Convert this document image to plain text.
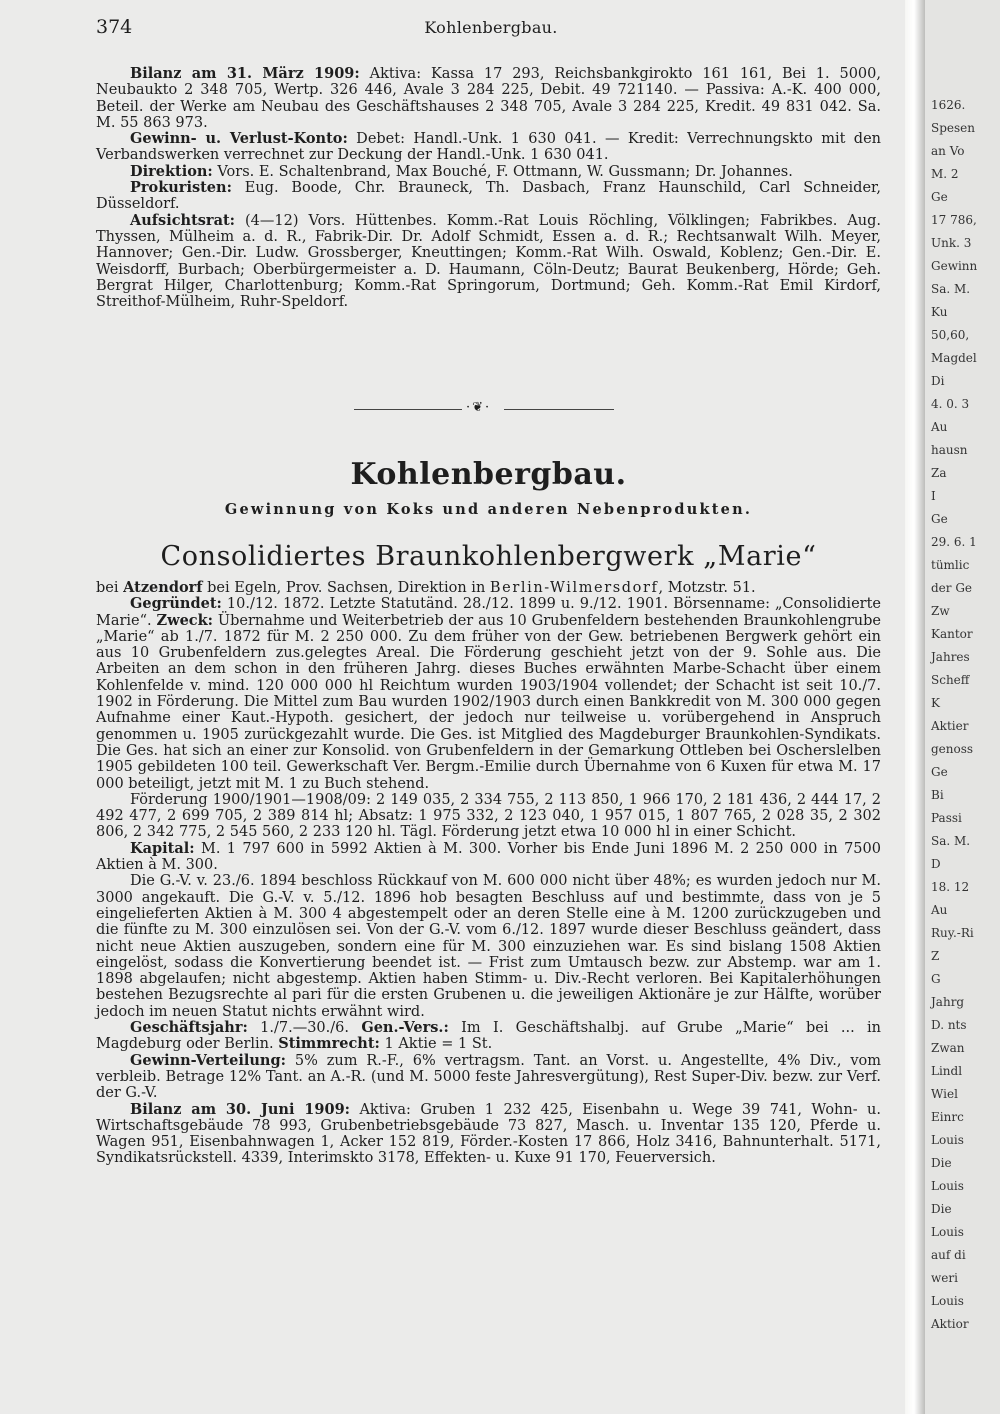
374	Kohlenbergbau.

Bilanz am 31. März 1909: Aktiva: Kassa 17 293, Reichsbankgirokto 161 161, Bei 1. 5000, Neubaukto 2 348 705, Wertp. 326 446, Avale 3 284 225, Debit. 49 721140. — Passiva: A.-K. 400 000, Beteil. der Werke am Neubau des Geschäftshauses 2 348 705, Avale 3 284 225, Kredit. 49 831 042. Sa. M. 55 863 973.

Gewinn- u. Verlust-Konto: Debet: Handl.-Unk. 1 630 041. — Kredit: Verrechnungskto mit den Verbandswerken verrechnet zur Deckung der Handl.-Unk. 1 630 041.

Direktion: Vors. E. Schaltenbrand, Max Bouché, F. Ottmann, W. Gussmann; Dr. Johannes.

Prokuristen: Eug. Boode, Chr. Brauneck, Th. Dasbach, Franz Haunschild, Carl Schneider, Düsseldorf.

Aufsichtsrat: (4—12) Vors. Hüttenbes. Komm.-Rat Louis Röchling, Völklingen; Fabrikbes. Aug. Thyssen, Mülheim a. d. R., Fabrik-Dir. Dr. Adolf Schmidt, Essen a. d. R.; Rechtsanwalt Wilh. Meyer, Hannover; Gen.-Dir. Ludw. Grossberger, Kneuttingen; Komm.-Rat Wilh. Oswald, Koblenz; Gen.-Dir. E. Weisdorff, Burbach; Oberbürgermeister a. D. Haumann, Cöln-Deutz; Baurat Beukenberg, Hörde; Geh. Bergrat Hilger, Charlottenburg; Komm.-Rat Springorum, Dortmund; Geh. Komm.-Rat Emil Kirdorf, Streithof-Mülheim, Ruhr-Speldorf.

·❦·
Kohlenbergbau.
Gewinnung von Koks und anderen Nebenprodukten.
Consolidiertes Braunkohlenbergwerk „Marie“

bei Atzendorf bei Egeln, Prov. Sachsen, Direktion in Berlin-Wilmersdorf, Motzstr. 51.

Gegründet: 10./12. 1872. Letzte Statutänd. 28./12. 1899 u. 9./12. 1901. Börsenname: „Consolidierte Marie“. Zweck: Übernahme und Weiterbetrieb der aus 10 Grubenfeldern bestehenden Braunkohlengrube „Marie“ ab 1./7. 1872 für M. 2 250 000. Zu dem früher von der Gew. betriebenen Bergwerk gehört ein aus 10 Grubenfeldern zus.gelegtes Areal. Die Förderung geschieht jetzt von der 9. Sohle aus. Die Arbeiten an dem schon in den früheren Jahrg. dieses Buches erwähnten Marbe-Schacht über einem Kohlenfelde v. mind. 120 000 000 hl Reichtum wurden 1903/1904 vollendet; der Schacht ist seit 10./7. 1902 in Förderung. Die Mittel zum Bau wurden 1902/1903 durch einen Bankkredit von M. 300 000 gegen Aufnahme einer Kaut.-Hypoth. gesichert, der jedoch nur teilweise u. vorübergehend in Anspruch genommen u. 1905 zurückgezahlt wurde. Die Ges. ist Mitglied des Magdeburger Braunkohlen-Syndikats. Die Ges. hat sich an einer zur Konsolid. von Grubenfeldern in der Gemarkung Ottleben bei Oscherslelben 1905 gebildeten 100 teil. Gewerkschaft Ver. Bergm.-Emilie durch Übernahme von 6 Kuxen für etwa M. 17 000 beteiligt, jetzt mit M. 1 zu Buch stehend.

Förderung 1900/1901—1908/09: 2 149 035, 2 334 755, 2 113 850, 1 966 170, 2 181 436, 2 444 17, 2 492 477, 2 699 705, 2 389 814 hl; Absatz: 1 975 332, 2 123 040, 1 957 015, 1 807 765, 2 028 35, 2 302 806, 2 342 775, 2 545 560, 2 233 120 hl. Tägl. Förderung jetzt etwa 10 000 hl in einer Schicht.

Kapital: M. 1 797 600 in 5992 Aktien à M. 300. Vorher bis Ende Juni 1896 M. 2 250 000 in 7500 Aktien à M. 300.

Die G.-V. v. 23./6. 1894 beschloss Rückkauf von M. 600 000 nicht über 48%; es wurden jedoch nur M. 3000 angekauft. Die G.-V. v. 5./12. 1896 hob besagten Beschluss auf und bestimmte, dass von je 5 eingelieferten Aktien à M. 300 4 abgestempelt oder an deren Stelle eine à M. 1200 zurückzugeben und die fünfte zu M. 300 einzulösen sei. Von der G.-V. vom 6./12. 1897 wurde dieser Beschluss geändert, dass nicht neue Aktien auszugeben, sondern eine für M. 300 einzuziehen war. Es sind bislang 1508 Aktien eingelöst, sodass die Konvertierung beendet ist. — Frist zum Umtausch bezw. zur Abstemp. war am 1. 1898 abgelaufen; nicht abgestemp. Aktien haben Stimm- u. Div.-Recht verloren. Bei Kapitalerhöhungen bestehen Bezugsrechte al pari für die ersten Grubenen u. die jeweiligen Aktionäre je zur Hälfte, worüber jedoch im neuen Statut nichts erwähnt wird.

Geschäftsjahr: 1./7.—30./6. Gen.-Vers.: Im I. Geschäftshalbj. auf Grube „Marie“ bei ... in Magdeburg oder Berlin. Stimmrecht: 1 Aktie = 1 St.

Gewinn-Verteilung: 5% zum R.-F., 6% vertragsm. Tant. an Vorst. u. Angestellte, 4% Div., vom verbleib. Betrage 12% Tant. an A.-R. (und M. 5000 feste Jahresvergütung), Rest Super-Div. bezw. zur Verf. der G.-V.

Bilanz am 30. Juni 1909: Aktiva: Gruben 1 232 425, Eisenbahn u. Wege 39 741, Wohn- u. Wirtschaftsgebäude 78 993, Grubenbetriebsgebäude 73 827, Masch. u. Inventar 135 120, Pferde u. Wagen 951, Eisenbahnwagen 1, Acker 152 819, Förder.-Kosten 17 866, Holz 3416, Bahnunterhalt. 5171, Syndikatsrückstell. 4339, Interimskto 3178, Effekten- u. Kuxe 91 170, Feuerversich.

1626.
Spesen
an Vo
M. 2
Ge
17 786,
Unk. 3
Gewinn
Sa. M.
Ku
50,60,
Magdel
Di
4. 0. 3
Au
hausn
Za
I
Ge
29. 6. 1
tümlic
der Ge
Zw
Kantor
Jahres
Scheff
K
Aktier
genoss
Ge
Bi
Passi
Sa. M.
D
18. 12
Au
Ruy.-Ri
Z
G
Jahrg
D. nts
Zwan
Lindl
Wiel
Einrc
Louis
Die
Louis
Die
Louis
auf di
weri
Louis
Aktior
